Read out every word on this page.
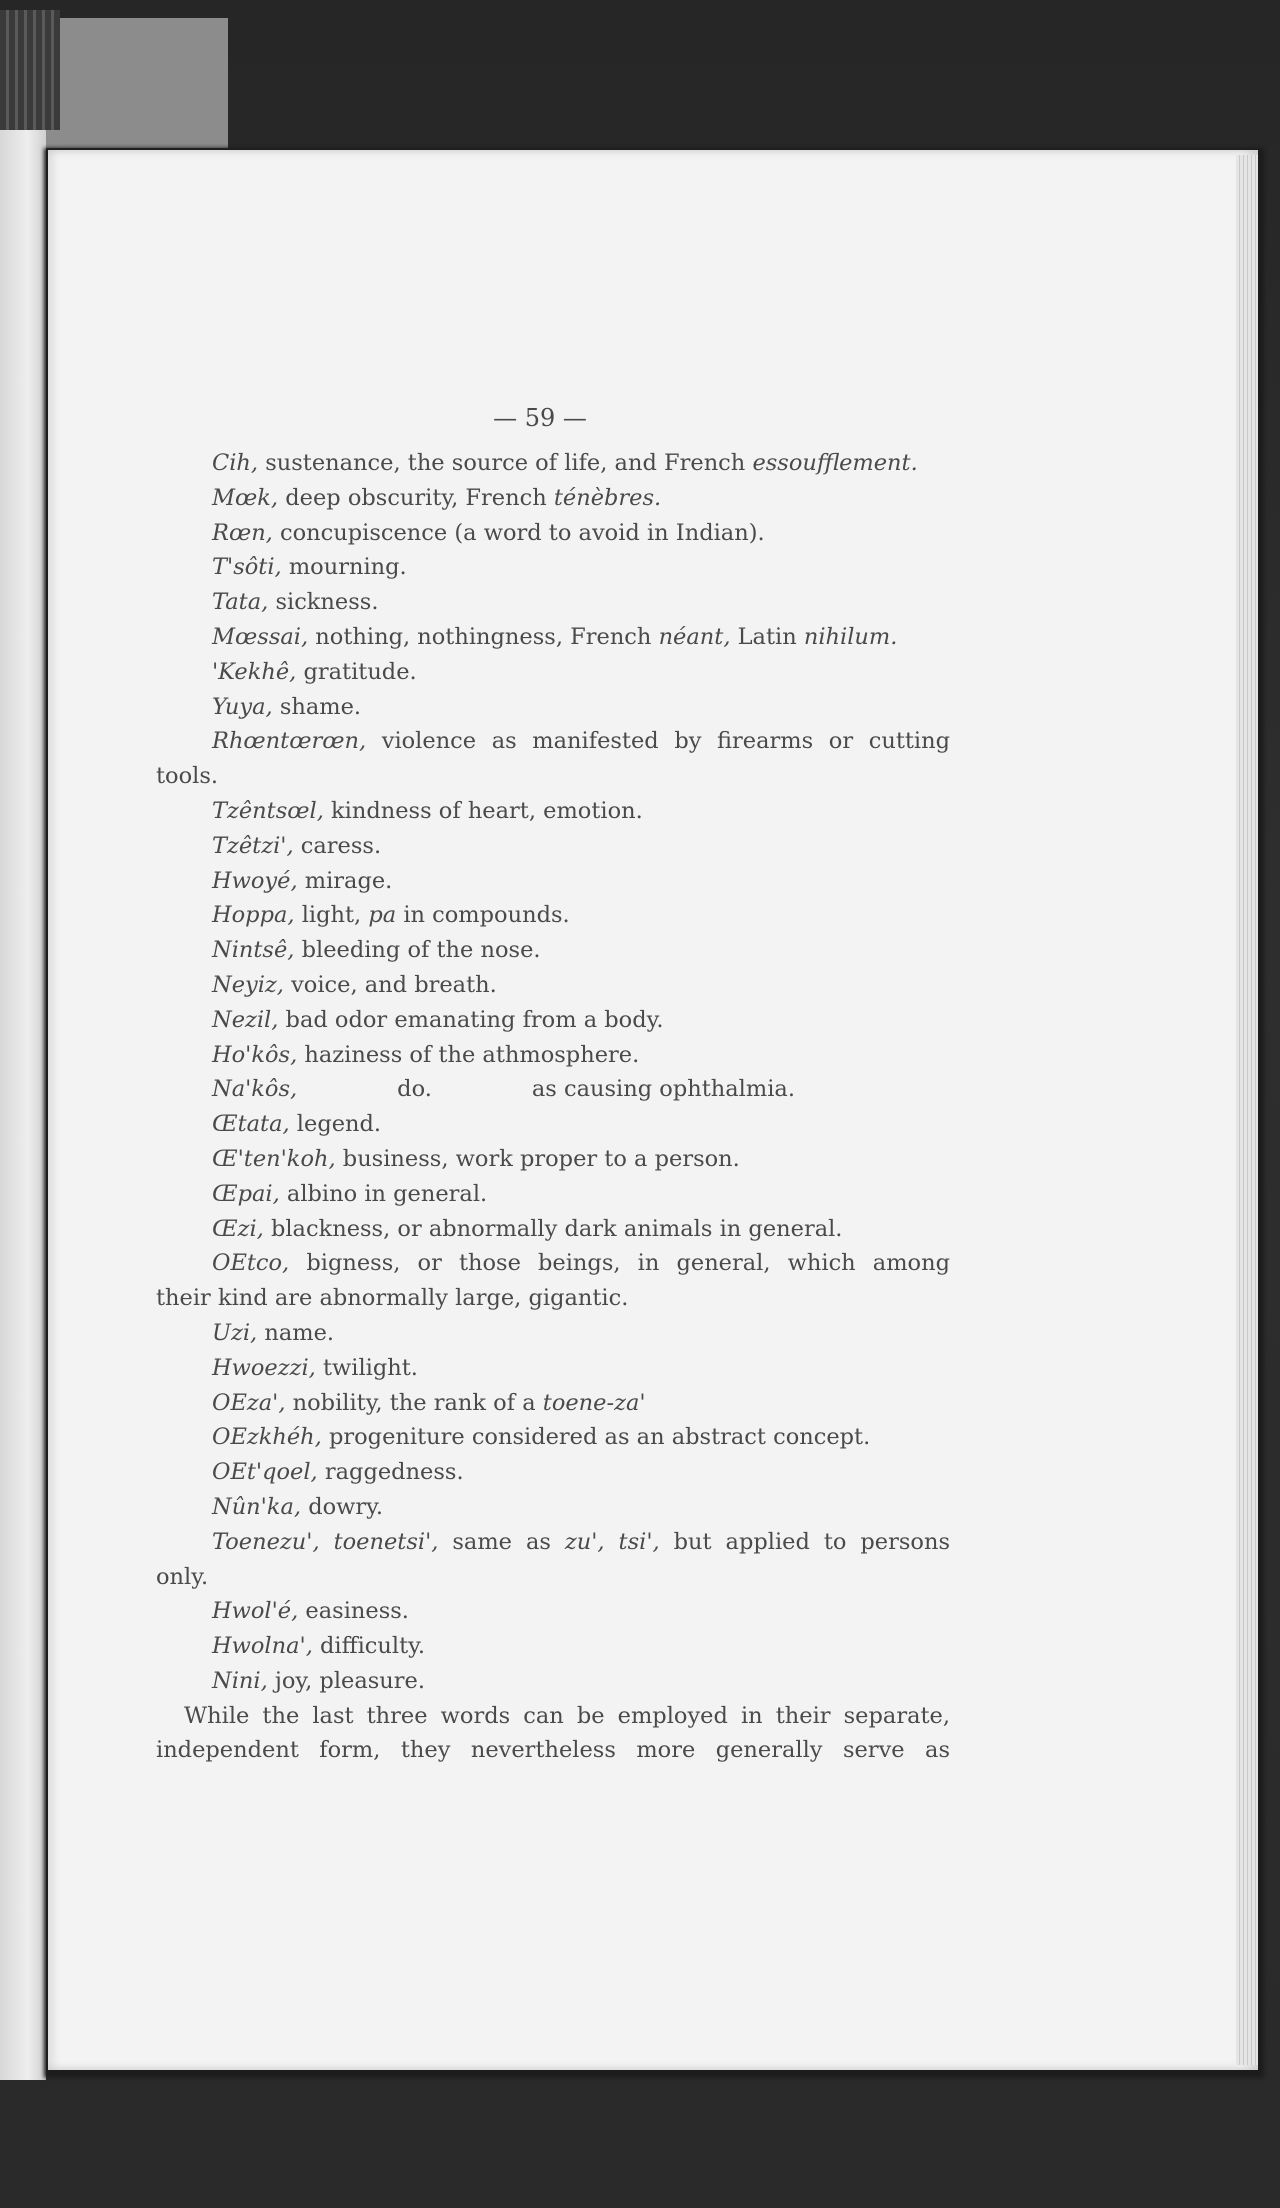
— 59 —
Cih, sustenance, the source of life, and French essoufflement.
Mœk, deep obscurity, French ténèbres.
Rœn, concupiscence (a word to avoid in Indian).
T'sôti, mourning.
Tata, sickness.
Mœssai, nothing, nothingness, French néant, Latin nihilum.
'Kekhê, gratitude.
Yuya, shame.
Rhœntœrœn, violence as manifested by firearms or cutting
tools.
Tzêntsœl, kindness of heart, emotion.
Tzêtzi', caress.
Hwoyé, mirage.
Hoppa, light, pa in compounds.
Nintsê, bleeding of the nose.
Neyiz, voice, and breath.
Nezil, bad odor emanating from a body.
Ho'kôs, haziness of the athmosphere.
Na'kôs,	do.	as causing ophthalmia.
Œtata, legend.
Œ'ten'koh, business, work proper to a person.
Œpai, albino in general.
Œzi, blackness, or abnormally dark animals in general.
OEtco, bigness, or those beings, in general, which among
their kind are abnormally large, gigantic.
Uzi, name.
Hwoezzi, twilight.
OEza', nobility, the rank of a toene-za'
OEzkhéh, progeniture considered as an abstract concept.
OEt'qoel, raggedness.
Nûn'ka, dowry.
Toenezu', toenetsi', same as zu', tsi', but applied to persons
only.
Hwol'é, easiness.
Hwolna', difficulty.
Nini, joy, pleasure.
While the last three words can be employed in their separate,
independent form, they nevertheless more generally serve as
